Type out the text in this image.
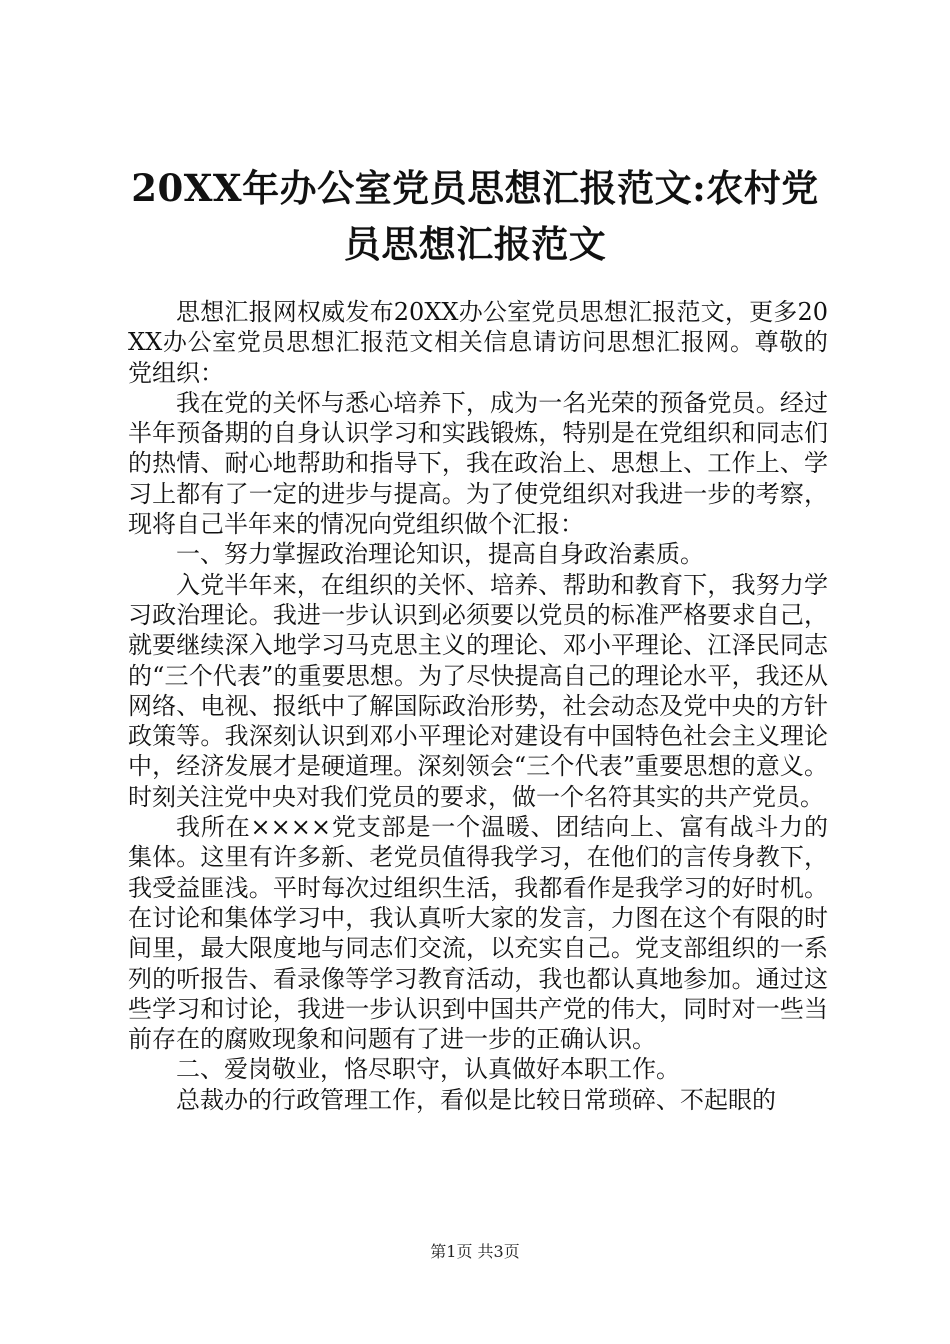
20XX年办公室党员思想汇报范文:农村党员思想汇报范文

思想汇报网权威发布20XX办公室党员思想汇报范文，更多20XX办公室党员思想汇报范文相关信息请访问思想汇报网。尊敬的党组织：

我在党的关怀与悉心培养下，成为一名光荣的预备党员。经过半年预备期的自身认识学习和实践锻炼，特别是在党组织和同志们的热情、耐心地帮助和指导下，我在政治上、思想上、工作上、学习上都有了一定的进步与提高。为了使党组织对我进一步的考察，现将自己半年来的情况向党组织做个汇报：

一、努力掌握政治理论知识，提高自身政治素质。

入党半年来，在组织的关怀、培养、帮助和教育下，我努力学习政治理论。我进一步认识到必须要以党员的标准严格要求自己，就要继续深入地学习马克思主义的理论、邓小平理论、江泽民同志的“三个代表”的重要思想。为了尽快提高自己的理论水平，我还从网络、电视、报纸中了解国际政治形势，社会动态及党中央的方针政策等。我深刻认识到邓小平理论对建设有中国特色社会主义理论中，经济发展才是硬道理。深刻领会“三个代表”重要思想的意义。时刻关注党中央对我们党员的要求，做一个名符其实的共产党员。

我所在××××党支部是一个温暖、团结向上、富有战斗力的集体。这里有许多新、老党员值得我学习，在他们的言传身教下，我受益匪浅。平时每次过组织生活，我都看作是我学习的好时机。在讨论和集体学习中，我认真听大家的发言，力图在这个有限的时间里，最大限度地与同志们交流，以充实自己。党支部组织的一系列的听报告、看录像等学习教育活动，我也都认真地参加。通过这些学习和讨论，我进一步认识到中国共产党的伟大，同时对一些当前存在的腐败现象和问题有了进一步的正确认识。

二、爱岗敬业，恪尽职守，认真做好本职工作。

总裁办的行政管理工作，看似是比较日常琐碎、不起眼的

第1页 共3页
